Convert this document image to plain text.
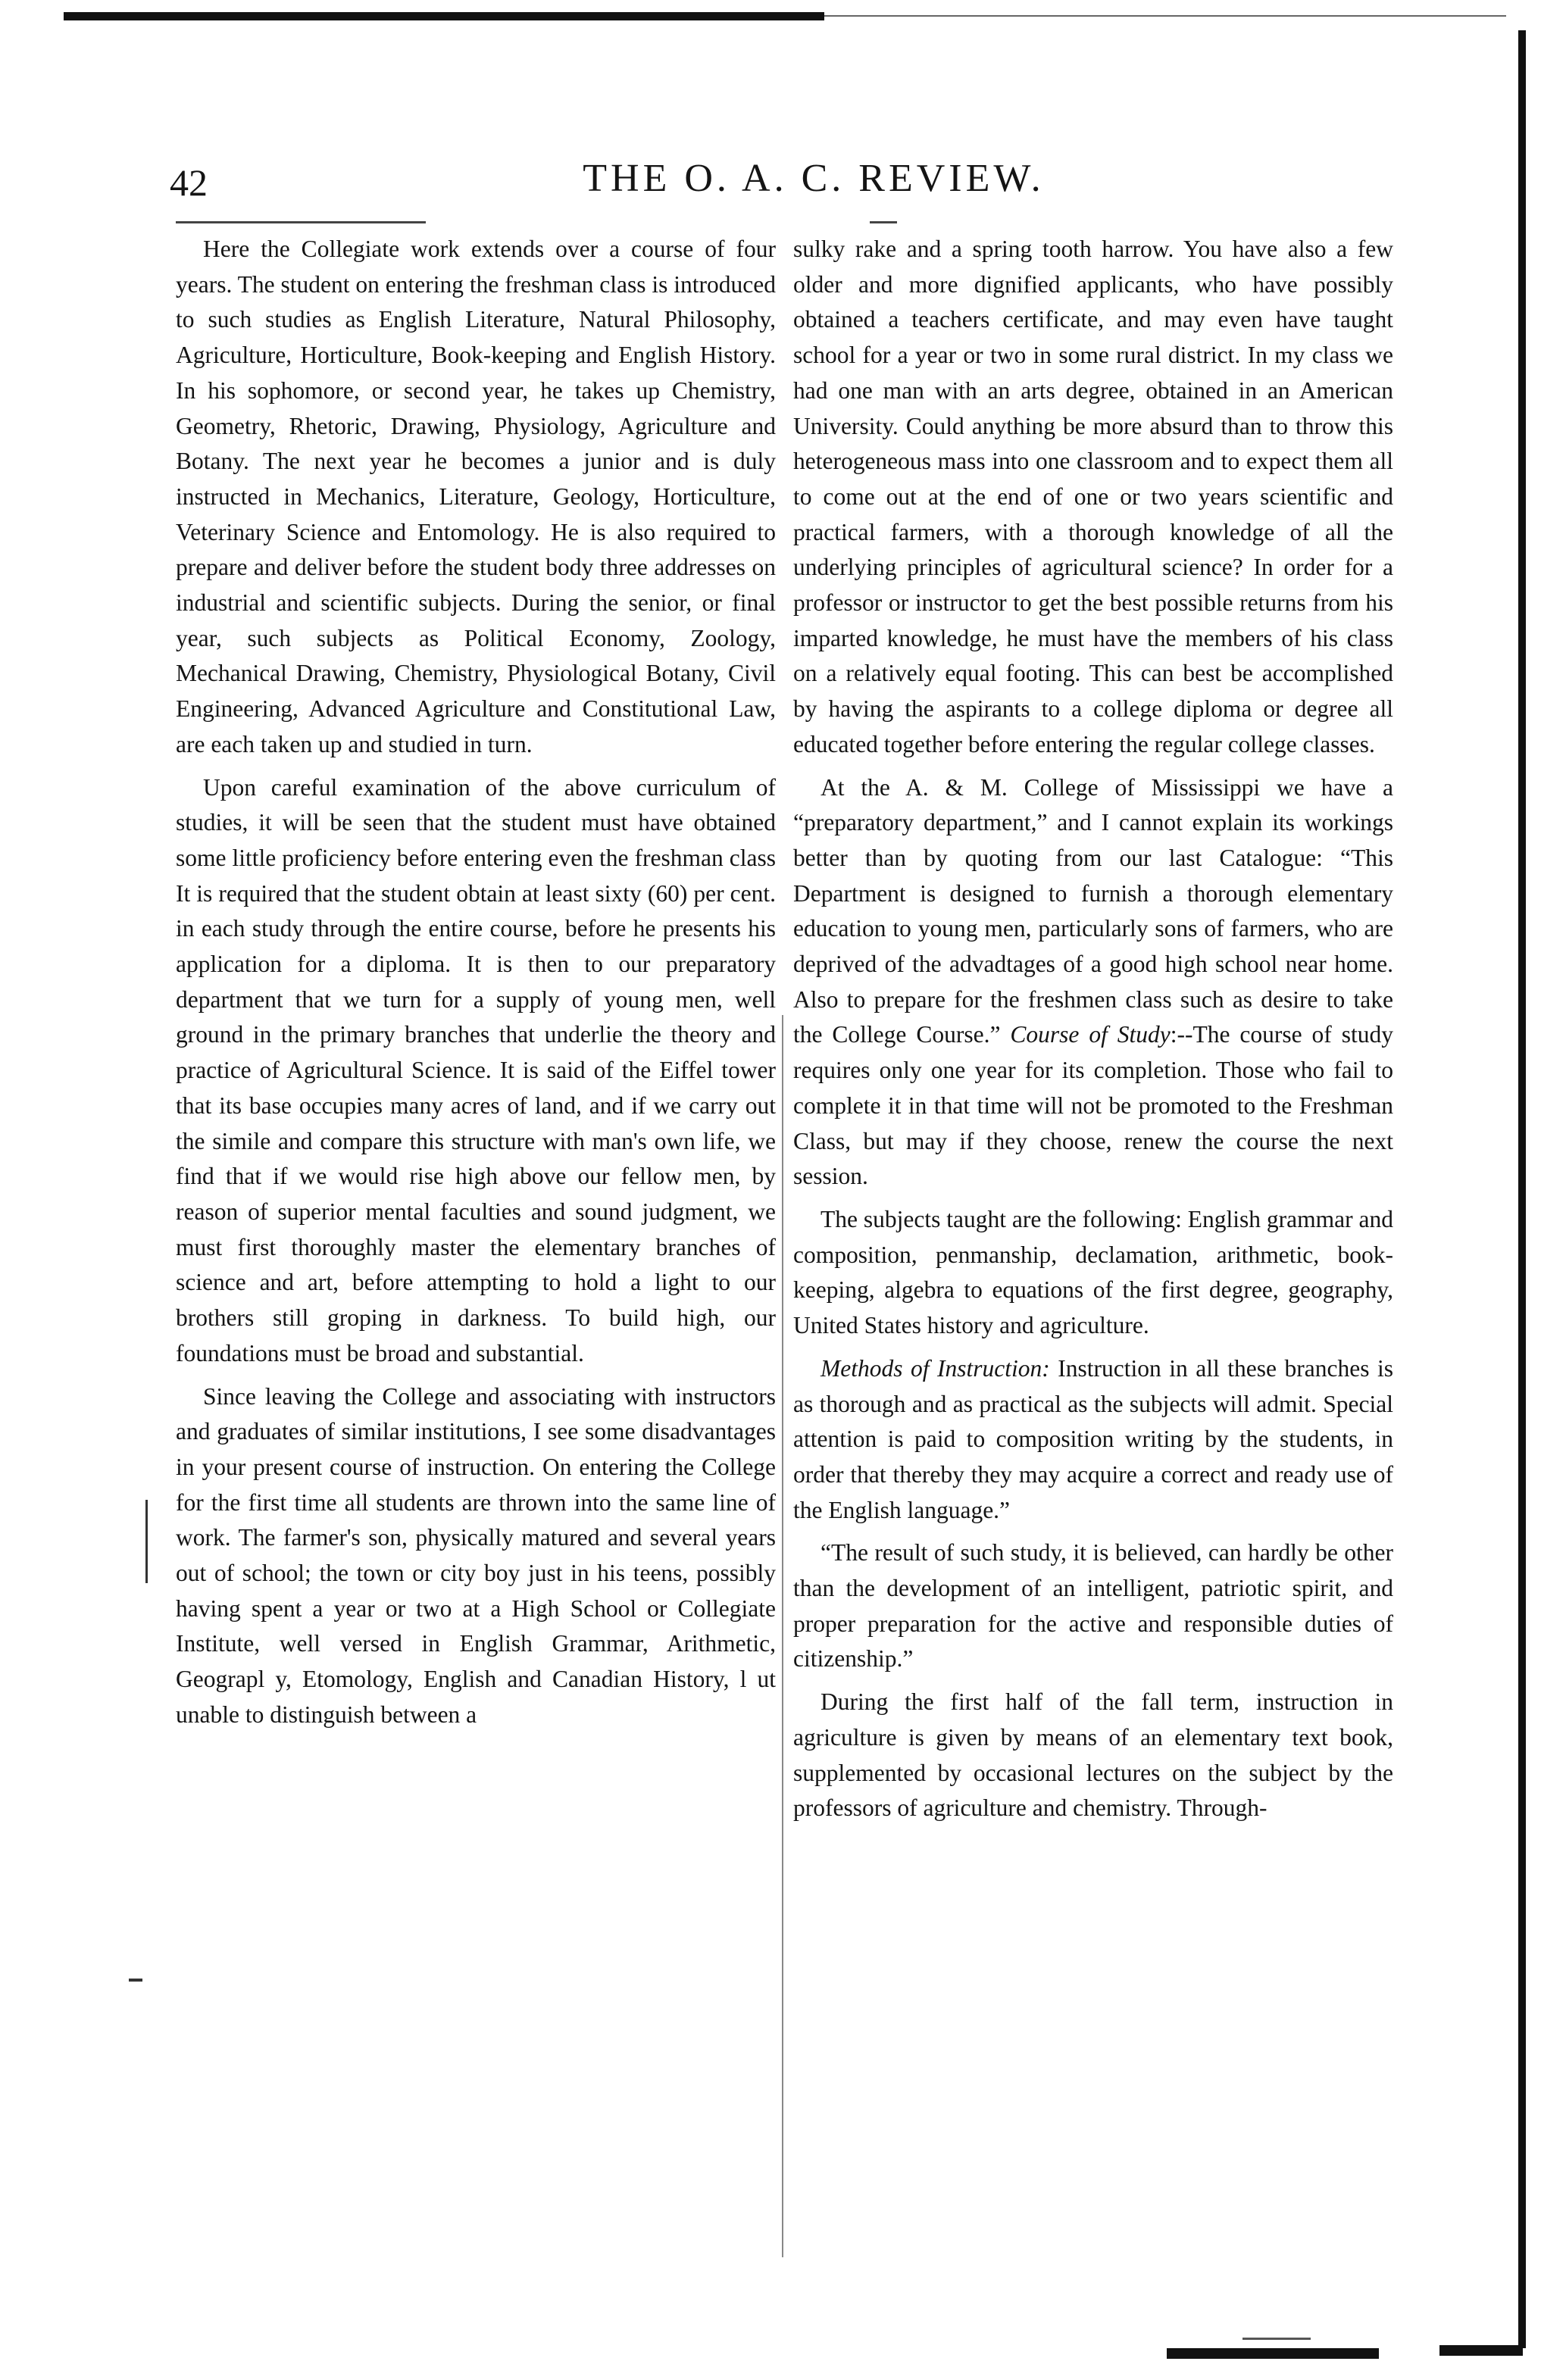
42	THE O. A. C. REVIEW.

Here the Collegiate work extends over a course of four years. The student on entering the freshman class is introduced to such studies as English Literature, Natural Philosophy, Agriculture, Horticulture, Book-keeping and English History. In his sophomore, or second year, he takes up Chemistry, Geometry, Rhetoric, Drawing, Physiology, Agriculture and Botany. The next year he becomes a junior and is duly instructed in Mechanics, Literature, Geology, Horticulture, Veterinary Science and Entomology. He is also required to prepare and deliver before the student body three addresses on industrial and scientific subjects. During the senior, or final year, such subjects as Political Economy, Zoology, Mechanical Drawing, Chemistry, Physiological Botany, Civil Engineering, Advanced Agriculture and Constitutional Law, are each taken up and studied in turn.

Upon careful examination of the above curriculum of studies, it will be seen that the student must have obtained some little proficiency before entering even the freshman class It is required that the student obtain at least sixty (60) per cent. in each study through the entire course, before he presents his application for a diploma. It is then to our preparatory department that we turn for a supply of young men, well ground in the primary branches that underlie the theory and practice of Agricultural Science. It is said of the Eiffel tower that its base occupies many acres of land, and if we carry out the simile and compare this structure with man's own life, we find that if we would rise high above our fellow men, by reason of superior mental faculties and sound judgment, we must first thoroughly master the elementary branches of science and art, before attempting to hold a light to our brothers still groping in darkness. To build high, our foundations must be broad and substantial.

Since leaving the College and associating with instructors and graduates of similar institutions, I see some disadvantages in your present course of instruction. On entering the College for the first time all students are thrown into the same line of work. The farmer's son, physically matured and several years out of school; the town or city boy just in his teens, possibly having spent a year or two at a High School or Collegiate Institute, well versed in English Grammar, Arithmetic, Geograpl y, Etomology, English and Canadian History, l ut unable to distinguish between a

sulky rake and a spring tooth harrow. You have also a few older and more dignified applicants, who have possibly obtained a teachers certificate, and may even have taught school for a year or two in some rural district. In my class we had one man with an arts degree, obtained in an American University. Could anything be more absurd than to throw this heterogeneous mass into one classroom and to expect them all to come out at the end of one or two years scientific and practical farmers, with a thorough knowledge of all the underlying principles of agricultural science? In order for a professor or instructor to get the best possible returns from his imparted knowledge, he must have the members of his class on a relatively equal footing. This can best be accomplished by having the aspirants to a college diploma or degree all educated together before entering the regular college classes.

At the A. & M. College of Mississippi we have a “preparatory department,” and I cannot explain its workings better than by quoting from our last Catalogue: “This Department is designed to furnish a thorough elementary education to young men, particularly sons of farmers, who are deprived of the advadtages of a good high school near home. Also to prepare for the freshmen class such as desire to take the College Course.” Course of Study:--The course of study requires only one year for its completion. Those who fail to complete it in that time will not be promoted to the Freshman Class, but may if they choose, renew the course the next session.

The subjects taught are the following: English grammar and composition, penmanship, declamation, arithmetic, book-keeping, algebra to equations of the first degree, geography, United States history and agriculture.

Methods of Instruction: Instruction in all these branches is as thorough and as practical as the subjects will admit. Special attention is paid to composition writing by the students, in order that thereby they may acquire a correct and ready use of the English language.”

“The result of such study, it is believed, can hardly be other than the development of an intelligent, patriotic spirit, and proper preparation for the active and responsible duties of citizenship.”

During the first half of the fall term, instruction in agriculture is given by means of an elementary text book, supplemented by occasional lectures on the subject by the professors of agriculture and chemistry. Through-
